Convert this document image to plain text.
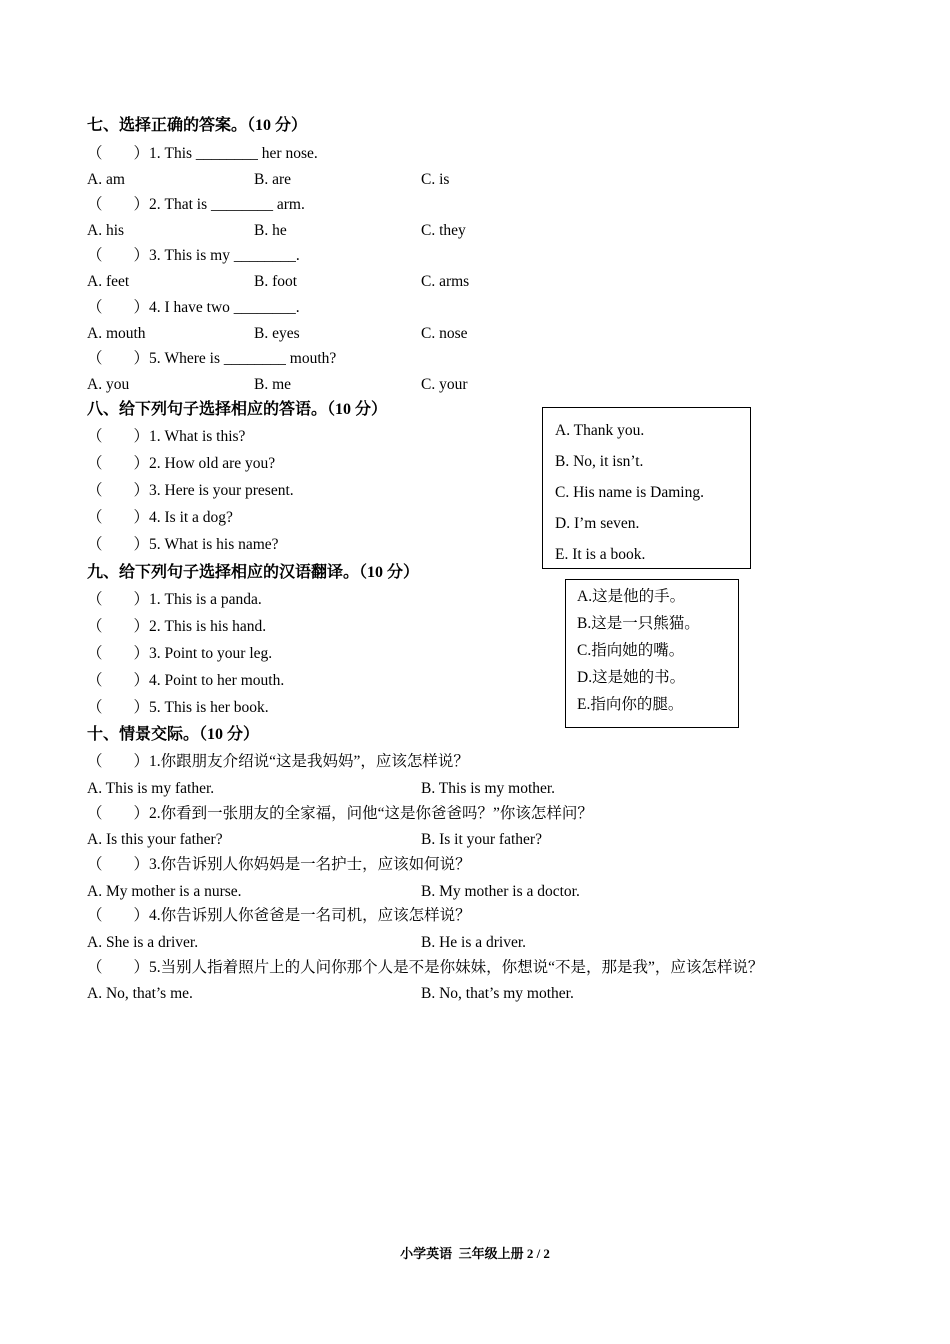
七、选择正确的答案。（10 分）
（　　）1. This ________ her nose.
A. am	B. are	C. is
（　　）2. That is ________ arm.
A. his	B. he	C. they
（　　）3. This is my ________.
A. feet	B. foot	C. arms
（　　）4. I have two ________.
A. mouth	B. eyes	C. nose
（　　）5. Where is ________ mouth?
A. you	B. me	C. your
八、给下列句子选择相应的答语。（10 分）
（　　）1. What is this?
（　　）2. How old are you?
（　　）3. Here is your present.
（　　）4. Is it a dog?
（　　）5. What is his name?
A. Thank you.
B. No, it isn’t.
C. His name is Daming.
D. I’m seven.
E. It is a book.
九、给下列句子选择相应的汉语翻译。（10 分）
（　　）1. This is a panda.
（　　）2. This is his hand.
（　　）3. Point to your leg.
（　　）4. Point to her mouth.
（　　）5. This is her book.
A.这是他的手。
B.这是一只熊猫。
C.指向她的嘴。
D.这是她的书。
E.指向你的腿。
十、情景交际。（10 分）
（　　）1.你跟朋友介绍说“这是我妈妈”，应该怎样说？
A. This is my father.	B. This is my mother.
（　　）2.你看到一张朋友的全家福，问他“这是你爸爸吗？”你该怎样问？
A. Is this your father?	B. Is it your father?
（　　）3.你告诉别人你妈妈是一名护士，应该如何说？
A. My mother is a nurse.	B. My mother is a doctor.
（　　）4.你告诉别人你爸爸是一名司机，应该怎样说？
A. She is a driver.	B. He is a driver.
（　　）5.当别人指着照片上的人问你那个人是不是你妹妹，你想说“不是，那是我”，应该怎样说？
A. No, that’s me.	B. No, that’s my mother.
小学英语  三年级上册 2 / 2
